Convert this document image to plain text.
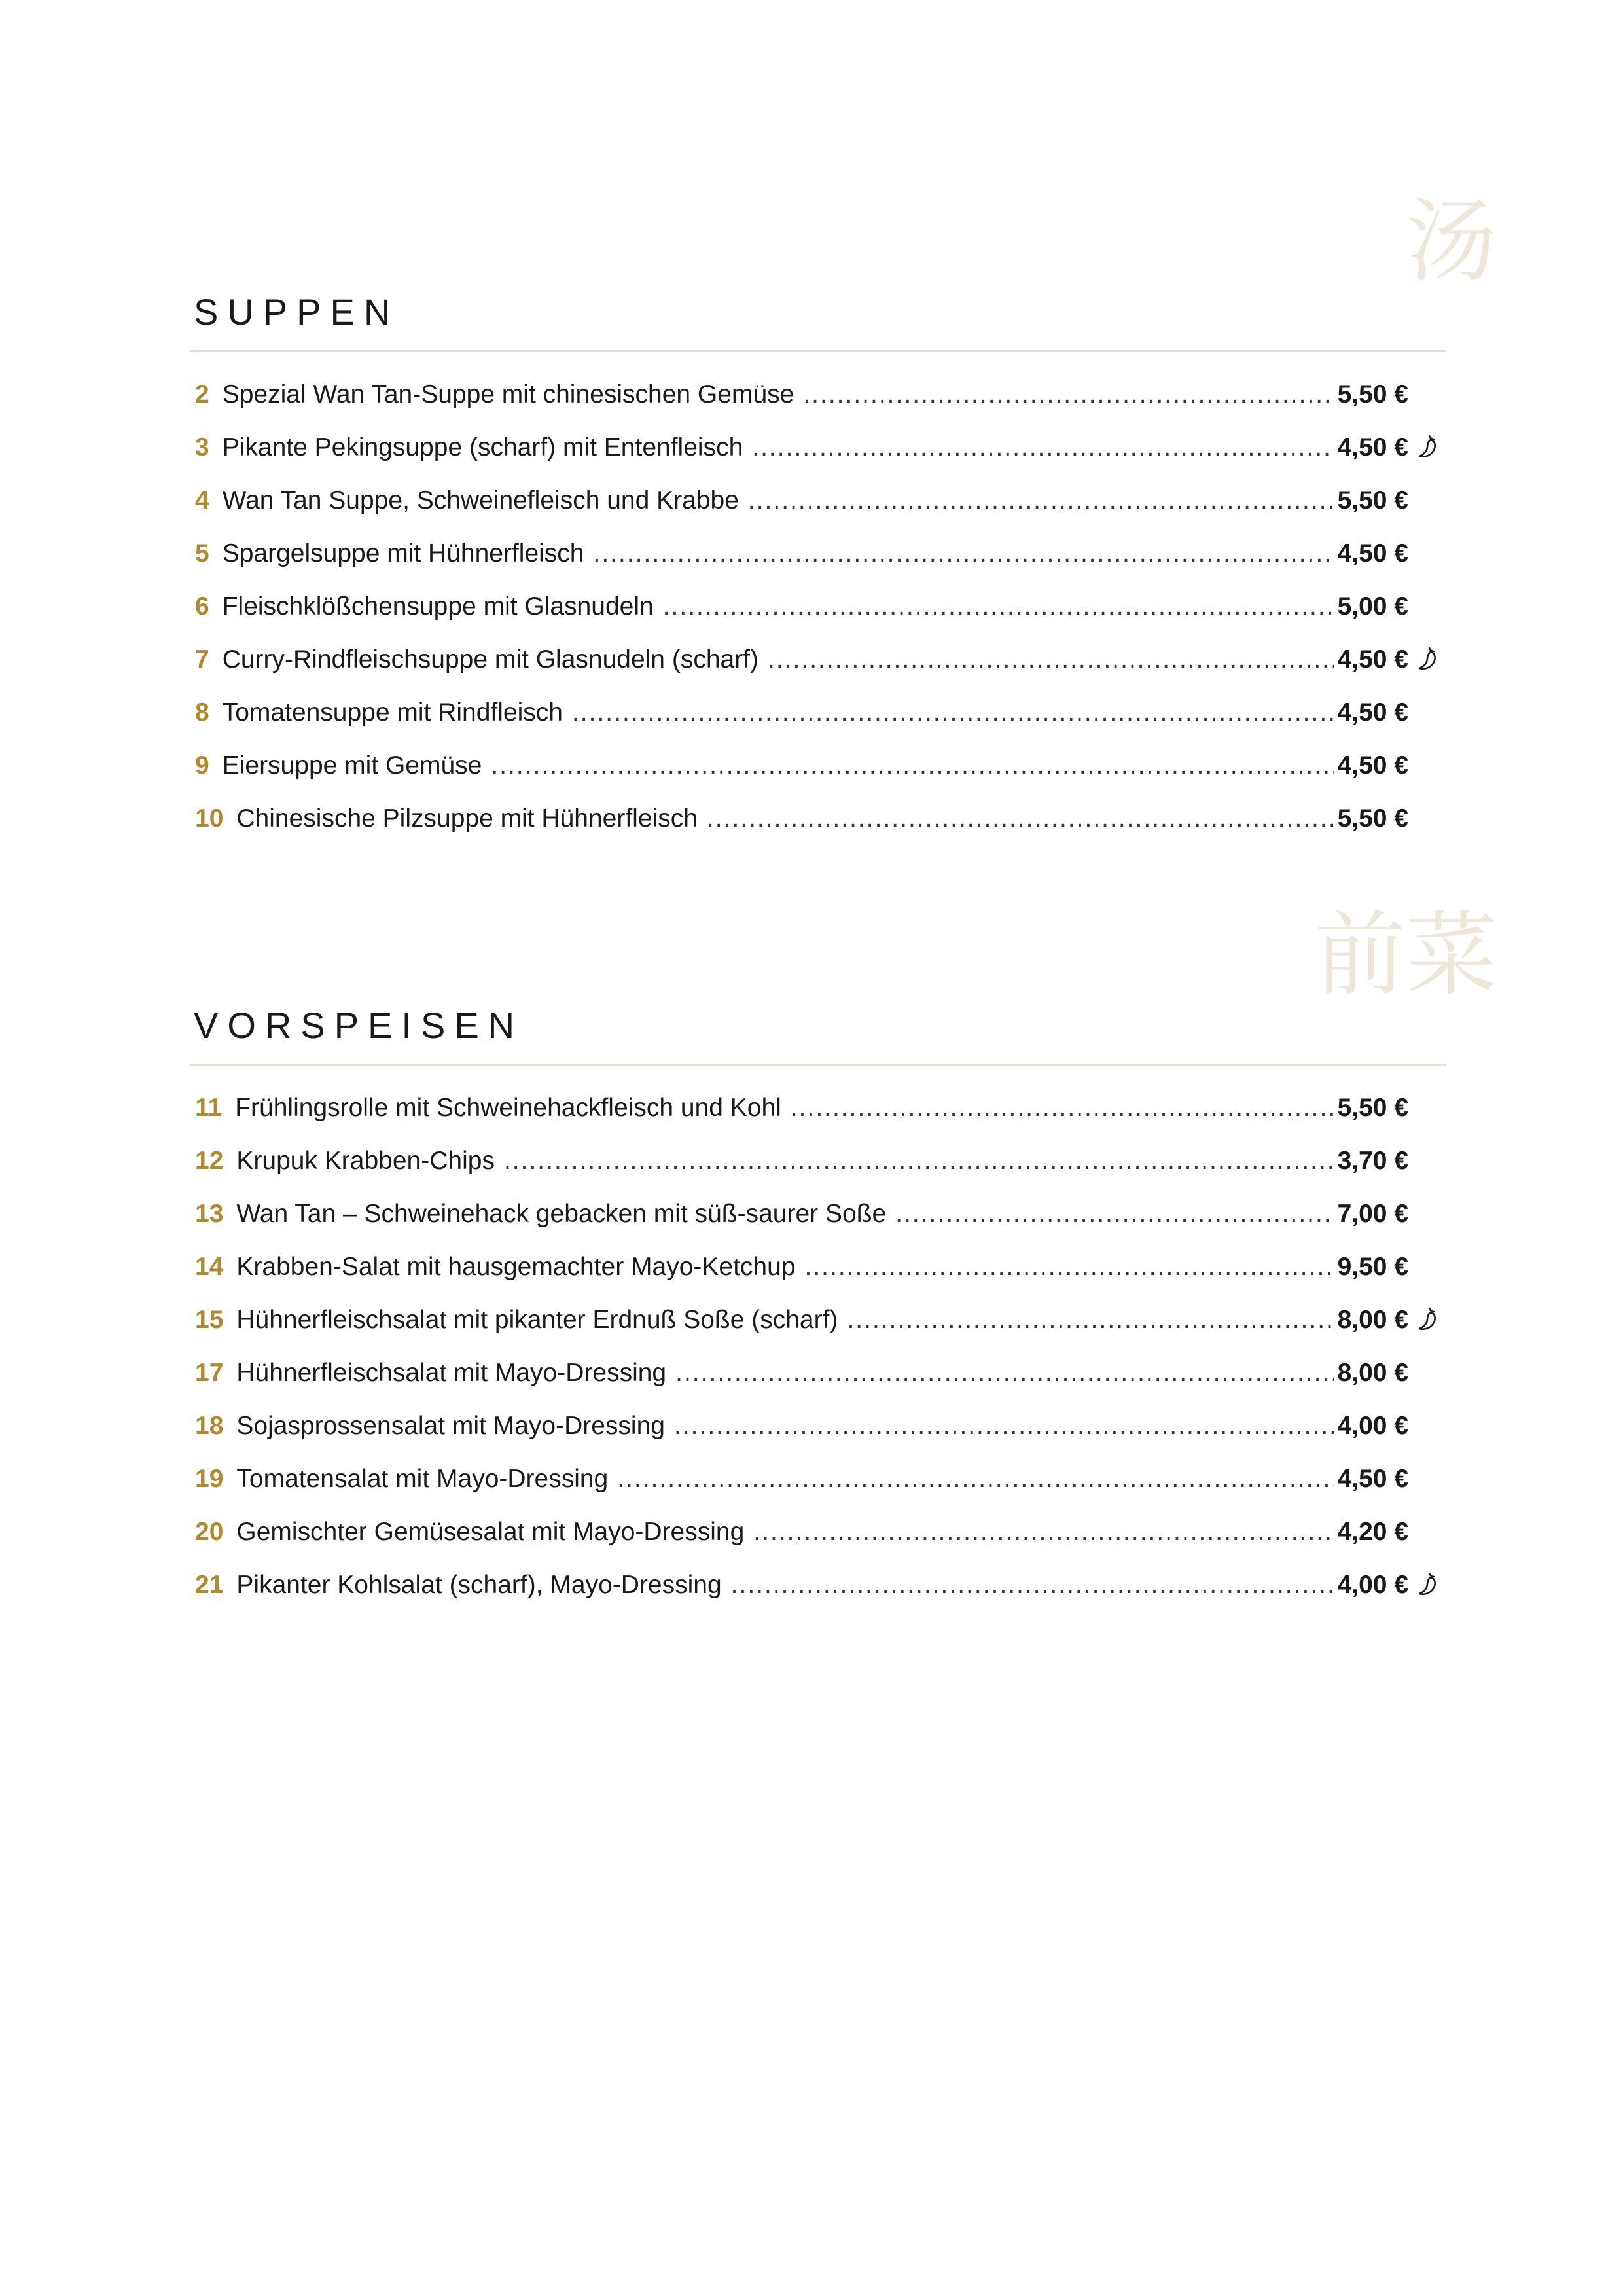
SUPPEN
汤
2 Spezial Wan Tan-Suppe mit chinesischen Gemüse .....	5,50 €
3 Pikante Pekingsuppe (scharf) mit Entenfleisch .....	4,50 €
4 Wan Tan Suppe, Schweinefleisch und Krabbe .....	5,50 €
5 Spargelsuppe mit Hühnerfleisch .....	4,50 €
6 Fleischklößchensuppe mit Glasnudeln .....	5,00 €
7 Curry-Rindfleischsuppe mit Glasnudeln (scharf) .....	4,50 €
8 Tomatensuppe mit Rindfleisch .....	4,50 €
9 Eiersuppe mit Gemüse .....	4,50 €
10 Chinesische Pilzsuppe mit Hühnerfleisch .....	5,50 €
VORSPEISEN
前菜
11 Frühlingsrolle mit Schweinehackfleisch und Kohl .....	5,50 €
12 Krupuk Krabben-Chips .....	3,70 €
13 Wan Tan – Schweinehack gebacken mit süß-saurer Soße .....	7,00 €
14 Krabben-Salat mit hausgemachter Mayo-Ketchup .....	9,50 €
15 Hühnerfleischsalat mit pikanter Erdnuß Soße (scharf) .....	8,00 €
17 Hühnerfleischsalat mit Mayo-Dressing .....	8,00 €
18 Sojasprossensalat mit Mayo-Dressing .....	4,00 €
19 Tomatensalat mit Mayo-Dressing .....	4,50 €
20 Gemischter Gemüsesalat mit Mayo-Dressing .....	4,20 €
21 Pikanter Kohlsalat (scharf), Mayo-Dressing .....	4,00 €
